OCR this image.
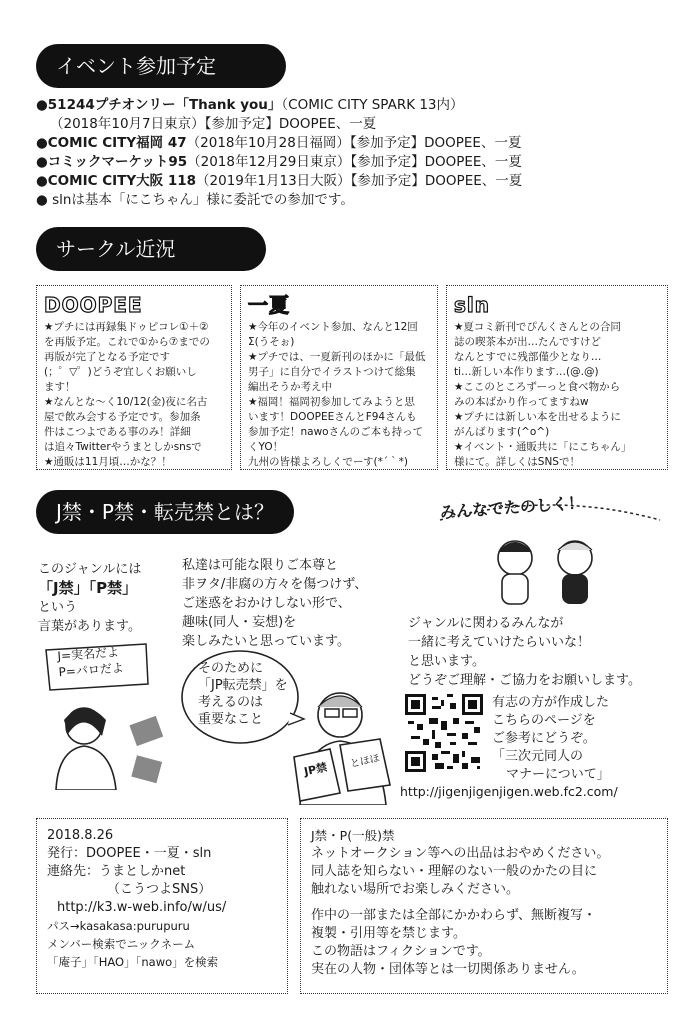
イベント参加予定
サークル近況
J禁・P禁・転売禁とは？
●51244プチオンリー「Thank you」（COMIC CITY SPARK 13内）
（2018年10月7日東京）【参加予定】DOOPEE、一夏
●COMIC CITY福岡 47（2018年10月28日福岡）【参加予定】DOOPEE、一夏
●コミックマーケット95（2018年12月29日東京）【参加予定】DOOPEE、一夏
●COMIC CITY大阪 118（2019年1月13日大阪）【参加予定】DOOPEE、一夏
● slnは基本「にこちゃん」様に委託での参加です。
DOOPEE
★プチには再録集ドゥピコレ①＋②
を再版予定。これで①から⑦までの
再版が完了となる予定です
(；゜▽゜)どうぞ宜しくお願いし
ます！
★なんとな～く10/12(金)夜に名古
屋で飲み会する予定です。参加条
件はこつよである事のみ！詳細
は追々Twitterやうまとしかsnsで
★通販は11月頃…かな？！
一夏
★今年のイベント参加、なんと12回
Σ(うそぉ)
★プチでは、一夏新刊のほかに「最低
男子」に自分でイラストつけて総集
編出そうか考え中
★福岡！福岡初参加してみようと思
います！DOOPEEさんとF94さんも
参加予定！nawoさんのご本も持って
くYO！
九州の皆様よろしくでーす(*´｀*)
sln
★夏コミ新刊でぴんくさんとの合同
誌の喫茶本が出…たんですけど
なんとすでに残部僅少となり…
ti…新しい本作ります…(@.@)
★ここのところずーっと食べ物から
みの本ばかり作ってますねw
★プチには新しい本を出せるように
がんばります(^o^)
★イベント・通販共に「にこちゃん」
様にて。詳しくはSNSで！
このジャンルには
「J禁」「P禁」
という
言葉があります。
私達は可能な限りご本尊と
非ヲタ/非腐の方々を傷つけず、
ご迷惑をおかけしない形で、
趣味(同人・妄想)を
楽しみたいと思っています。
みんなでたのしく！
ジャンルに関わるみんなが
一緒に考えていけたらいいな！
と思います。
どうぞご理解・ご協力をお願いします。
J=実名だよ
P=パロだよ	そのために
「JP転売禁」を
考えるのは
重要なこと
JP禁 とほほ
有志の方が作成した
こちらのページを
ご参考にどうぞ。
「三次元同人の
マナーについて」
http://jigenjigenjigen.web.fc2.com/
2018.8.26
発行：DOOPEE・一夏・sln
連絡先：うまとしかnet
（こうつよSNS）
http://k3.w-web.info/w/us/
パス→kasakasa:purupuru
メンバー検索でニックネーム
「庵子」「HAO」「nawo」を検索
J禁・P(一般)禁
ネットオークション等への出品はおやめください。
同人誌を知らない・理解のない一般のかたの目に
触れない場所でお楽しみください。
作中の一部または全部にかかわらず、無断複写・
複製・引用等を禁じます。
この物語はフィクションです。
実在の人物・団体等とは一切関係ありません。
